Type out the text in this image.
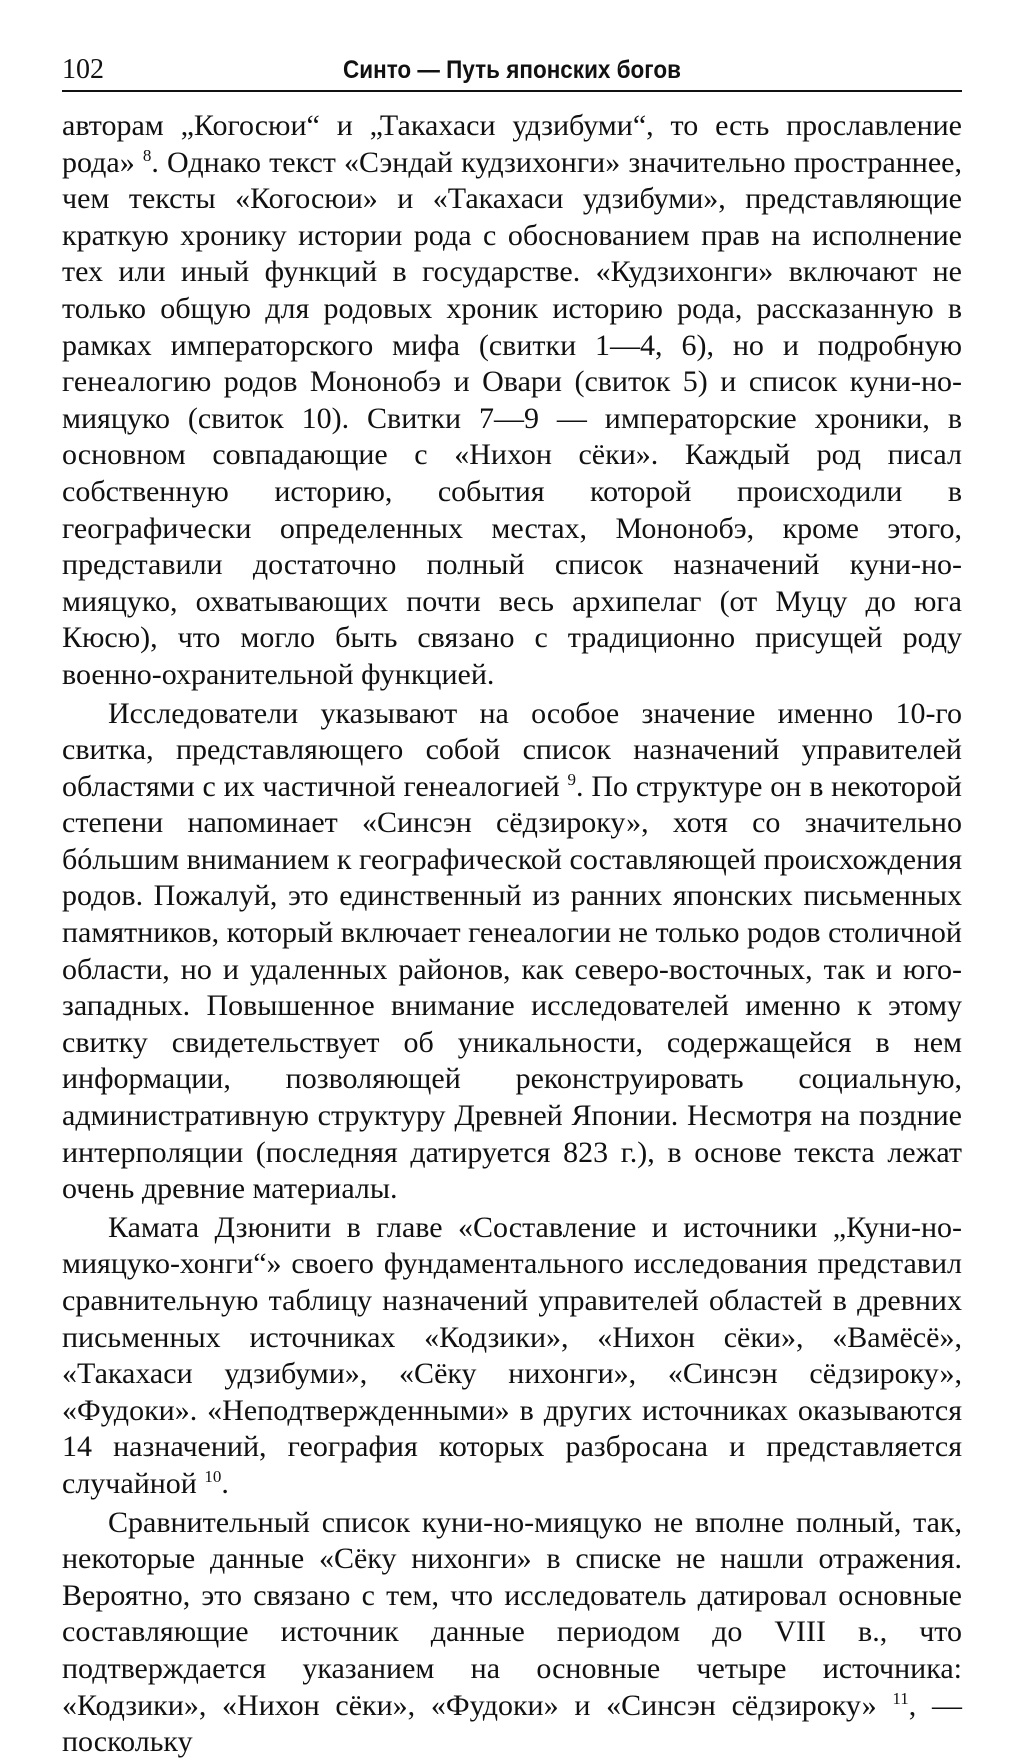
102	Синто — Путь японских богов

авторам „Когосюи“ и „Такахаси удзибуми“, то есть прославление рода» $^8$. Однако текст «Сэндай кудзихонги» значительно пространнее, чем тексты «Когосюи» и «Такахаси удзибуми», представляющие краткую хронику истории рода с обоснованием прав на исполнение тех или иный функций в государстве. «Кудзихонги» включают не только общую для родовых хроник историю рода, рассказанную в рамках императорского мифа (свитки 1—4, 6), но и подробную генеалогию родов Мононобэ и Овари (свиток 5) и список куни-но-мияцуко (свиток 10). Свитки 7—9 — императорские хроники, в основном совпадающие с «Нихон сёки». Каждый род писал собственную историю, события которой происходили в географически определенных местах, Мононобэ, кроме этого, представили достаточно полный список назначений куни-но-мияцуко, охватывающих почти весь архипелаг (от Муцу до юга Кюсю), что могло быть связано с традиционно присущей роду военно-охранительной функцией.

Исследователи указывают на особое значение именно 10-го свитка, представляющего собой список назначений управителей областями с их частичной генеалогией $^9$. По структуре он в некоторой степени напоминает «Синсэн сёдзироку», хотя со значительно бóльшим вниманием к географической составляющей происхождения родов. Пожалуй, это единственный из ранних японских письменных памятников, который включает генеалогии не только родов столичной области, но и удаленных районов, как северо-восточных, так и юго-западных. Повышенное внимание исследователей именно к этому свитку свидетельствует об уникальности, содержащейся в нем информации, позволяющей реконструировать социальную, административную структуру Древней Японии. Несмотря на поздние интерполяции (последняя датируется 823 г.), в основе текста лежат очень древние материалы.

Камата Дзюнити в главе «Составление и источники „Куни-но-мияцуко-хонги“» своего фундаментального исследования представил сравнительную таблицу назначений управителей областей в древних письменных источниках «Кодзики», «Нихон сёки», «Вамёсё», «Такахаси удзибуми», «Сёку нихонги», «Синсэн сёдзироку», «Фудоки». «Неподтвержденными» в других источниках оказываются 14 назначений, география которых разбросана и представляется случайной $^{10}$.

Сравнительный список куни-но-мияцуко не вполне полный, так, некоторые данные «Сёку нихонги» в списке не нашли отражения. Вероятно, это связано с тем, что исследователь датировал основные составляющие источник данные периодом до VIII в., что подтверждается указанием на основные четыре источника: «Кодзики», «Нихон сёки», «Фудоки» и «Синсэн сёдзироку» $^{11}$, — поскольку
